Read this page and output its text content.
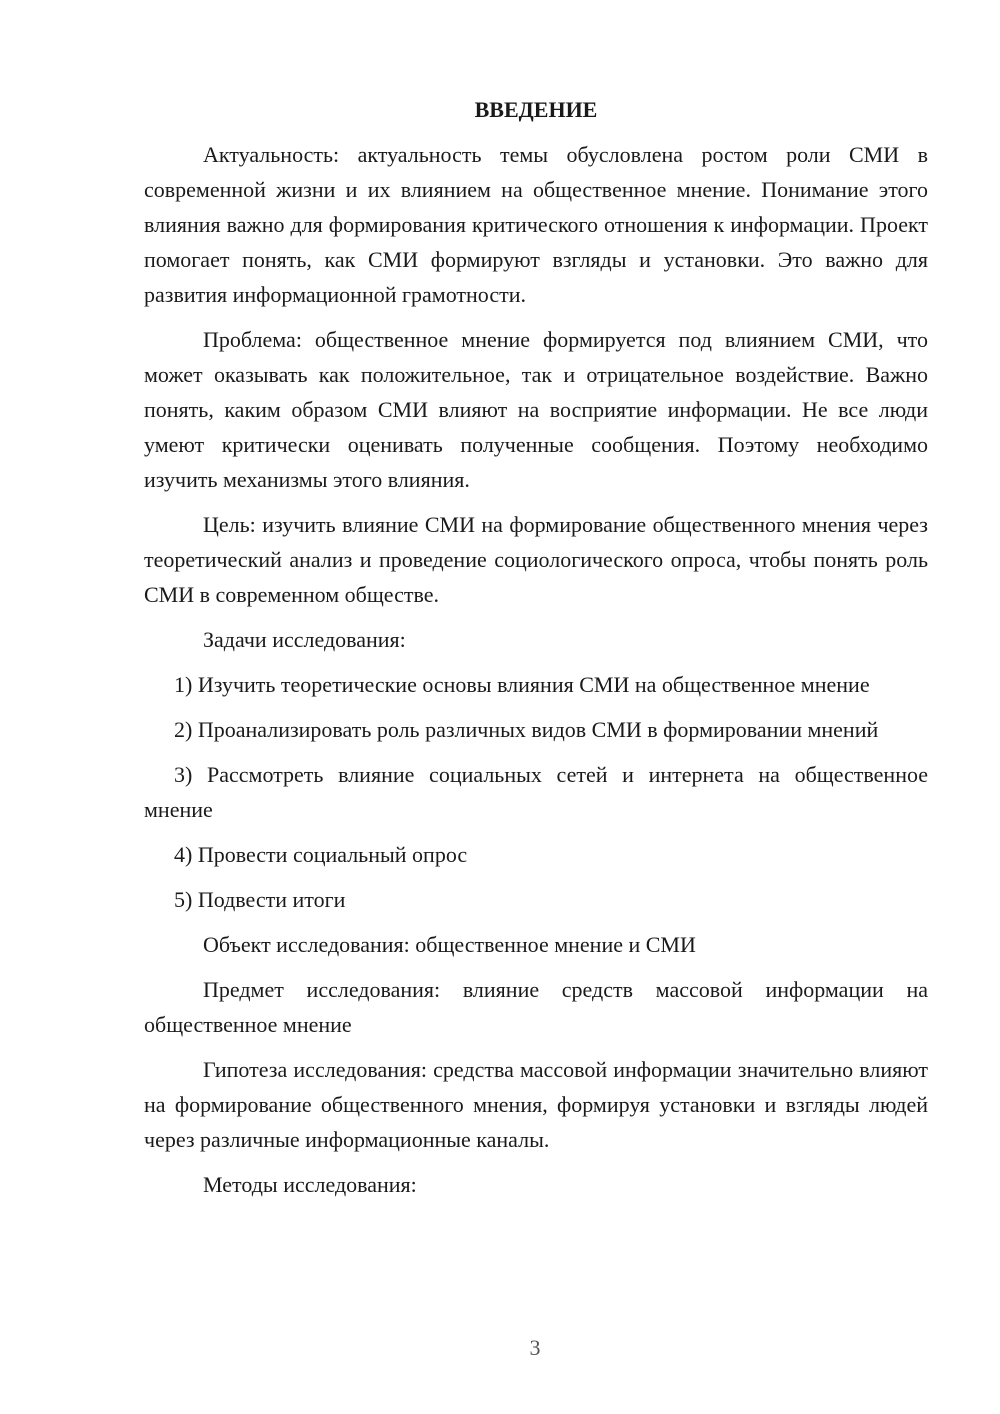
ВВЕДЕНИЕ

Актуальность: актуальность темы обусловлена ростом роли СМИ в современной жизни и их влиянием на общественное мнение. Понимание этого влияния важно для формирования критического отношения к информации. Проект помогает понять, как СМИ формируют взгляды и установки. Это важно для развития информационной грамотности.

Проблема: общественное мнение формируется под влиянием СМИ, что может оказывать как положительное, так и отрицательное воздействие. Важно понять, каким образом СМИ влияют на восприятие информации. Не все люди умеют критически оценивать полученные сообщения. Поэтому необходимо изучить механизмы этого влияния.

Цель: изучить влияние СМИ на формирование общественного мнения через теоретический анализ и проведение социологического опроса, чтобы понять роль СМИ в современном обществе.

Задачи исследования:

1) Изучить теоретические основы влияния СМИ на общественное мнение

2) Проанализировать роль различных видов СМИ в формировании мнений

3) Рассмотреть влияние социальных сетей и интернета на общественное мнение

4) Провести социальный опрос

5) Подвести итоги

Объект исследования: общественное мнение и СМИ

Предмет исследования: влияние средств массовой информации на общественное мнение

Гипотеза исследования: средства массовой информации значительно влияют на формирование общественного мнения, формируя установки и взгляды людей через различные информационные каналы.

Методы исследования:

3
